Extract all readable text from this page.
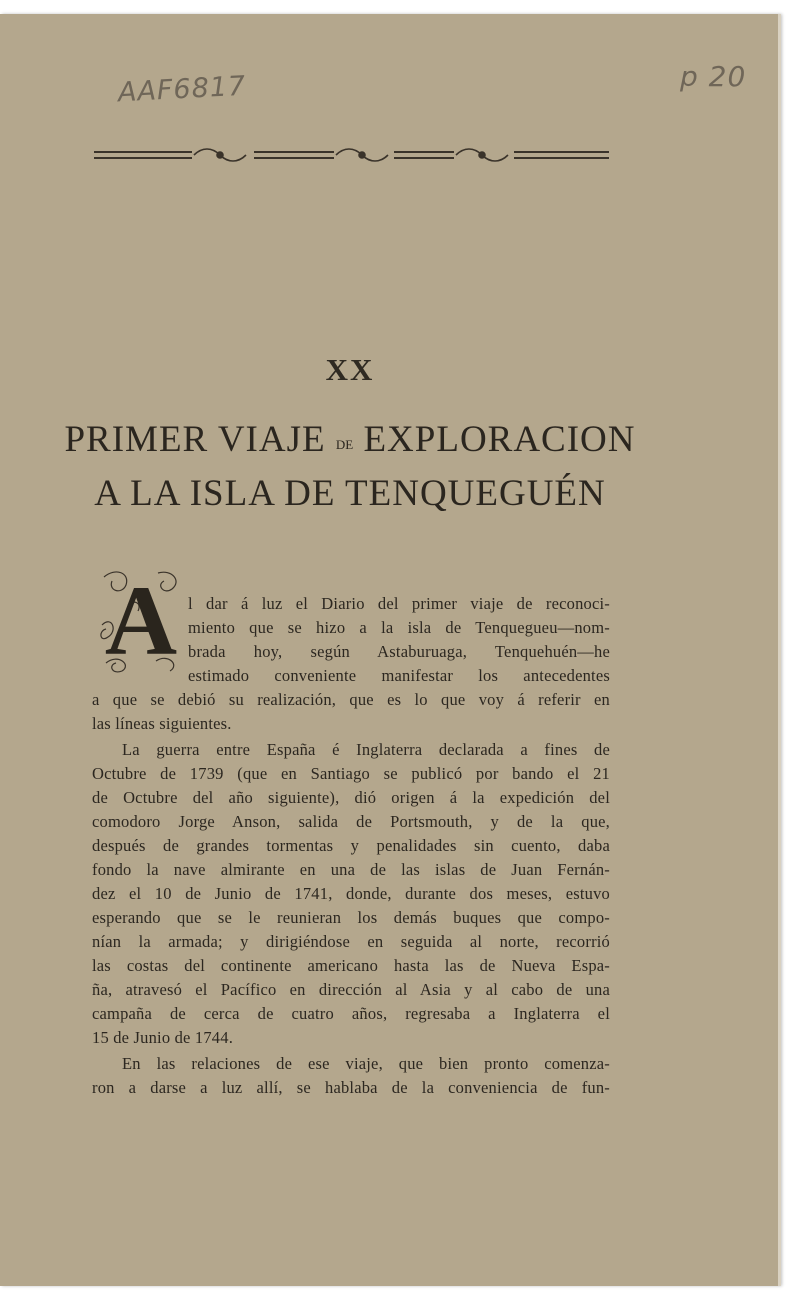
AAF6817	p 20
XX
PRIMER VIAJE DE EXPLORACION
A LA ISLA DE TENQUEGUÉN
A l dar á luz el Diario del primer viaje de reconoci-
miento que se hizo a la isla de Tenquegueu—nom-
brada hoy, según Astaburuaga, Tenquehuén—he
estimado conveniente manifestar los antecedentes
a que se debió su realización, que es lo que voy á referir en
las líneas siguientes.
La guerra entre España é Inglaterra declarada a fines de
Octubre de 1739 (que en Santiago se publicó por bando el 21
de Octubre del año siguiente), dió origen á la expedición del
comodoro Jorge Anson, salida de Portsmouth, y de la que,
después de grandes tormentas y penalidades sin cuento, daba
fondo la nave almirante en una de las islas de Juan Fernán-
dez el 10 de Junio de 1741, donde, durante dos meses, estuvo
esperando que se le reunieran los demás buques que compo-
nían la armada; y dirigiéndose en seguida al norte, recorrió
las costas del continente americano hasta las de Nueva Espa-
ña, atravesó el Pacífico en dirección al Asia y al cabo de una
campaña de cerca de cuatro años, regresaba a Inglaterra el
15 de Junio de 1744.
En las relaciones de ese viaje, que bien pronto comenza-
ron a darse a luz allí, se hablaba de la conveniencia de fun-
